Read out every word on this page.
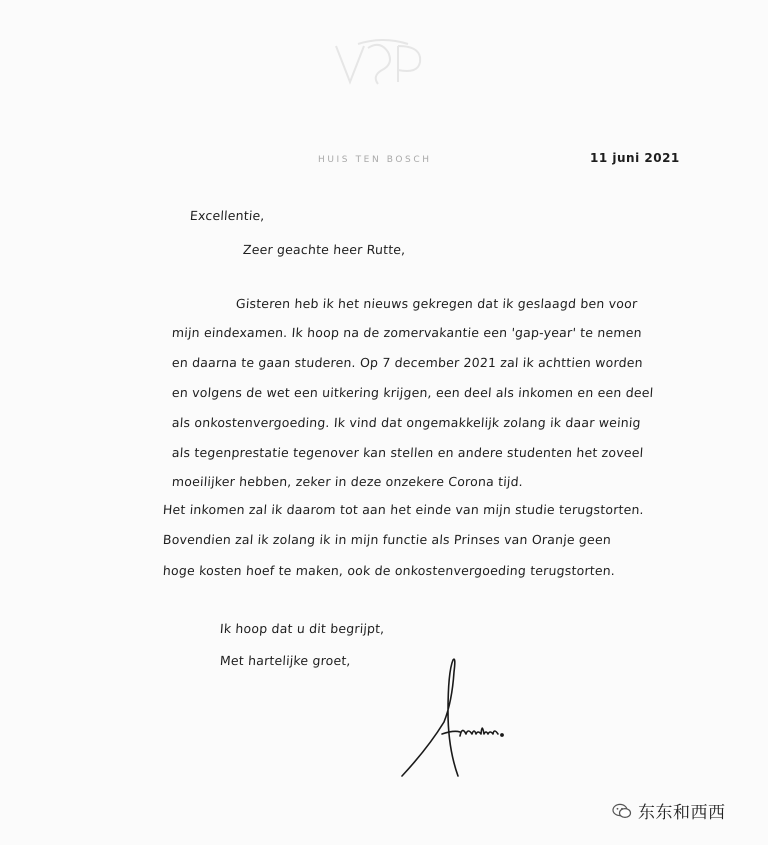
HUIS TEN BOSCH	11 juni 2021
Excellentie,
Zeer geachte heer Rutte,
Gisteren heb ik het nieuws gekregen dat ik geslaagd ben voor
mijn eindexamen. Ik hoop na de zomervakantie een 'gap-year' te nemen
en daarna te gaan studeren. Op 7 december 2021 zal ik achttien worden
en volgens de wet een uitkering krijgen, een deel als inkomen en een deel
als onkostenvergoeding. Ik vind dat ongemakkelijk zolang ik daar weinig
als tegenprestatie tegenover kan stellen en andere studenten het zoveel
moeilijker hebben, zeker in deze onzekere Corona tijd.
Het inkomen zal ik daarom tot aan het einde van mijn studie terugstorten.
Bovendien zal ik zolang ik in mijn functie als Prinses van Oranje geen
hoge kosten hoef te maken, ook de onkostenvergoeding terugstorten.
Ik hoop dat u dit begrijpt,
Met hartelijke groet,
东东和西西
